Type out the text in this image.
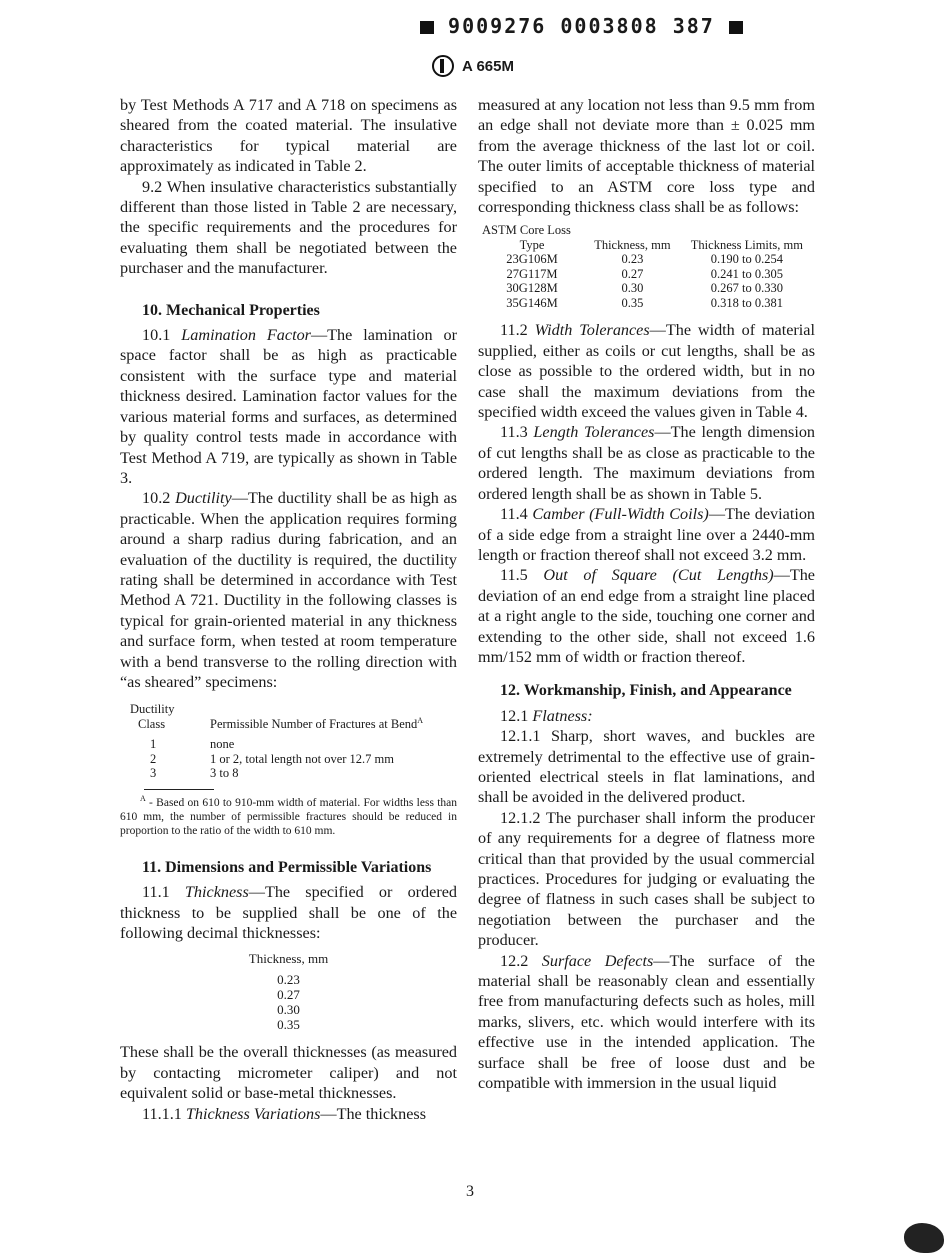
9009276 0003808 387
A 665M

by Test Methods A 717 and A 718 on specimens as sheared from the coated material. The insulative characteristics for typical material are approximately as indicated in Table 2.

9.2 When insulative characteristics substantially different than those listed in Table 2 are necessary, the specific requirements and the procedures for evaluating them shall be negotiated between the purchaser and the manufacturer.

10. Mechanical Properties

10.1 Lamination Factor—The lamination or space factor shall be as high as practicable consistent with the surface type and material thickness desired. Lamination factor values for the various material forms and surfaces, as determined by quality control tests made in accordance with Test Method A 719, are typically as shown in Table 3.

10.2 Ductility—The ductility shall be as high as practicable. When the application requires forming around a sharp radius during fabrication, and an evaluation of the ductility is required, the ductility rating shall be determined in accordance with Test Method A 721. Ductility in the following classes is typical for grain-oriented material in any thickness and surface form, when tested at room temperature with a bend transverse to the rolling direction with “as sheared” specimens:

Ductility
Class	Permissible Number of Fractures at Bend$^A$
1	none
2	1 or 2, total length not over 12.7 mm
3	3 to 8
$^A$ - Based on 610 to 910-mm width of material. For widths less than 610 mm, the number of permissible fractures should be reduced in proportion to the ratio of the width to 610 mm.

11. Dimensions and Permissible Variations

11.1 Thickness—The specified or ordered thickness to be supplied shall be one of the following decimal thicknesses:

Thickness, mm
0.23
0.27
0.30
0.35

These shall be the overall thicknesses (as measured by contacting micrometer caliper) and not equivalent solid or base-metal thicknesses.

11.1.1 Thickness Variations—The thickness

measured at any location not less than 9.5 mm from an edge shall not deviate more than ± 0.025 mm from the average thickness of the last lot or coil. The outer limits of acceptable thickness of material specified to an ASTM core loss type and corresponding thickness class shall be as follows:

ASTM Core Loss
Type	Thickness, mm	Thickness Limits, mm
23G106M	0.23	0.190 to 0.254
27G117M	0.27	0.241 to 0.305
30G128M	0.30	0.267 to 0.330
35G146M	0.35	0.318 to 0.381

11.2 Width Tolerances—The width of material supplied, either as coils or cut lengths, shall be as close as possible to the ordered width, but in no case shall the maximum deviations from the specified width exceed the values given in Table 4.

11.3 Length Tolerances—The length dimension of cut lengths shall be as close as practicable to the ordered length. The maximum deviations from ordered length shall be as shown in Table 5.

11.4 Camber (Full-Width Coils)—The deviation of a side edge from a straight line over a 2440-mm length or fraction thereof shall not exceed 3.2 mm.

11.5 Out of Square (Cut Lengths)—The deviation of an end edge from a straight line placed at a right angle to the side, touching one corner and extending to the other side, shall not exceed 1.6 mm/152 mm of width or fraction thereof.

12. Workmanship, Finish, and Appearance

12.1 Flatness:

12.1.1 Sharp, short waves, and buckles are extremely detrimental to the effective use of grain-oriented electrical steels in flat laminations, and shall be avoided in the delivered product.

12.1.2 The purchaser shall inform the producer of any requirements for a degree of flatness more critical than that provided by the usual commercial practices. Procedures for judging or evaluating the degree of flatness in such cases shall be subject to negotiation between the purchaser and the producer.

12.2 Surface Defects—The surface of the material shall be reasonably clean and essentially free from manufacturing defects such as holes, mill marks, slivers, etc. which would interfere with its effective use in the intended application. The surface shall be free of loose dust and be compatible with immersion in the usual liquid

3
